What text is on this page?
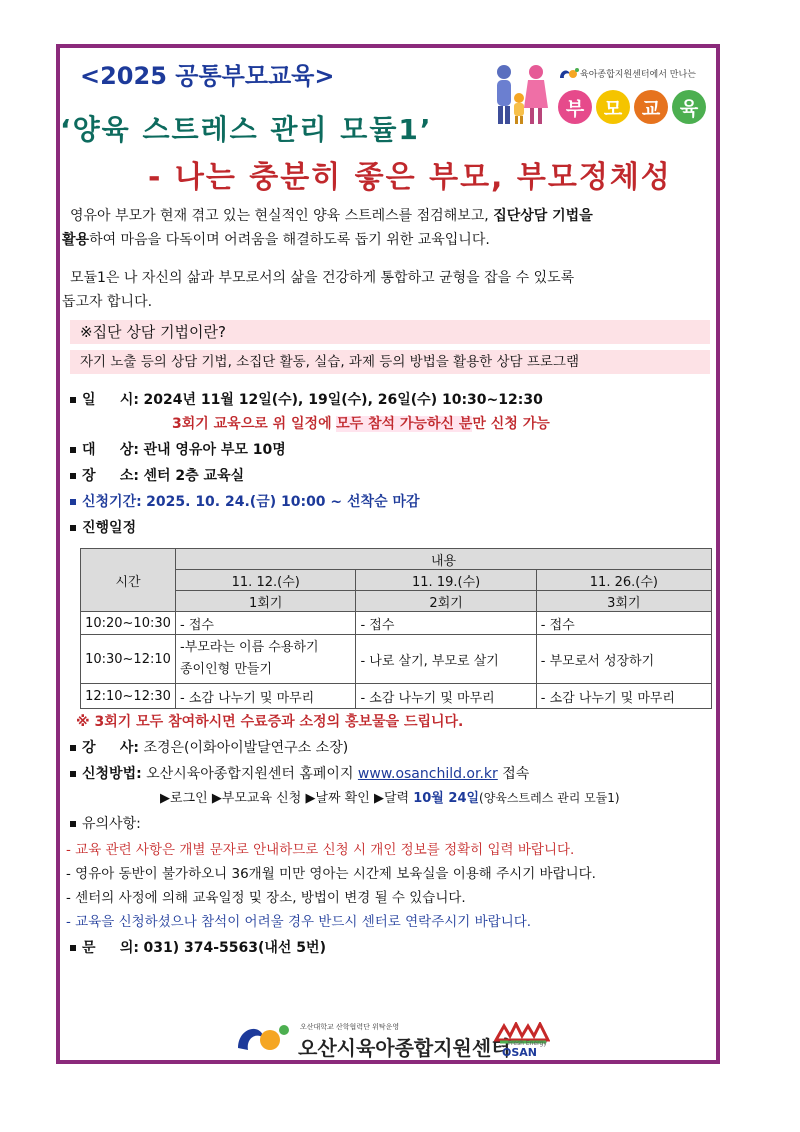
<2025 공통부모교육>
‘양육 스트레스 관리 모듈1’
- 나는 충분히 좋은 부모, 부모정체성
육아종합지원센터에서 만나는
부	모	교	육
영유아 부모가 현재 겪고 있는 현실적인 양육 스트레스를 점검해보고, 집단상담 기법을
활용하여 마음을 다독이며 어려움을 해결하도록 돕기 위한 교육입니다.
모듈1은 나 자신의 삶과 부모로서의 삶을 건강하게 통합하고 균형을 잡을 수 있도록
돕고자 합니다.
※집단 상담 기법이란?
자기 노출 등의 상담 기법, 소집단 활동, 실습, 과제 등의 방법을 활용한 상담 프로그램
일     시: 2024년 11월 12일(수), 19일(수), 26일(수) 10:30~12:30
3회기 교육으로 위 일정에 모두 참석 가능하신 분만 신청 가능
대     상: 관내 영유아 부모 10명
장     소: 센터 2층 교육실
신청기간: 2025. 10. 24.(금) 10:00 ~ 선착순 마감
진행일정
시간	내용		
	11. 12.(수)	11. 19.(수)	11. 26.(수)
	1회기	2회기	3회기
10:20~10:30	- 접수	- 접수	- 접수
10:30~12:10	-부모라는 이름 수용하기
종이인형 만들기	- 나로 살기, 부모로 살기	- 부모로서 성장하기
12:10~12:30	- 소감 나누기 및 마무리	- 소감 나누기 및 마무리	- 소감 나누기 및 마무리
※ 3회기 모두 참여하시면 수료증과 소정의 홍보물을 드립니다.
강     사: 조경은(이화아이발달연구소 소장)
신청방법: 오산시육아종합지원센터 홈페이지 www.osanchild.or.kr 접속
▶로그인 ▶부모교육 신청 ▶날짜 확인 ▶달력 10월 24일(양육스트레스 관리 모듈1)
유의사항:
- 교육 관련 사항은 개별 문자로 안내하므로 신청 시 개인 정보를 정확히 입력 바랍니다.
- 영유아 동반이 불가하오니 36개월 미만 영아는 시간제 보육실을 이용해 주시기 바랍니다.
- 센터의 사정에 의해 교육일정 및 장소, 방법이 변경 될 수 있습니다.
- 교육을 신청하셨으나 참석이 어려울 경우 반드시 센터로 연락주시기 바랍니다.
문     의: 031) 374-5563(내선 5번)
오산대학교 산학협력단 위탁운영
오산시육아종합지원센터
Fresh Energy
OSAN
